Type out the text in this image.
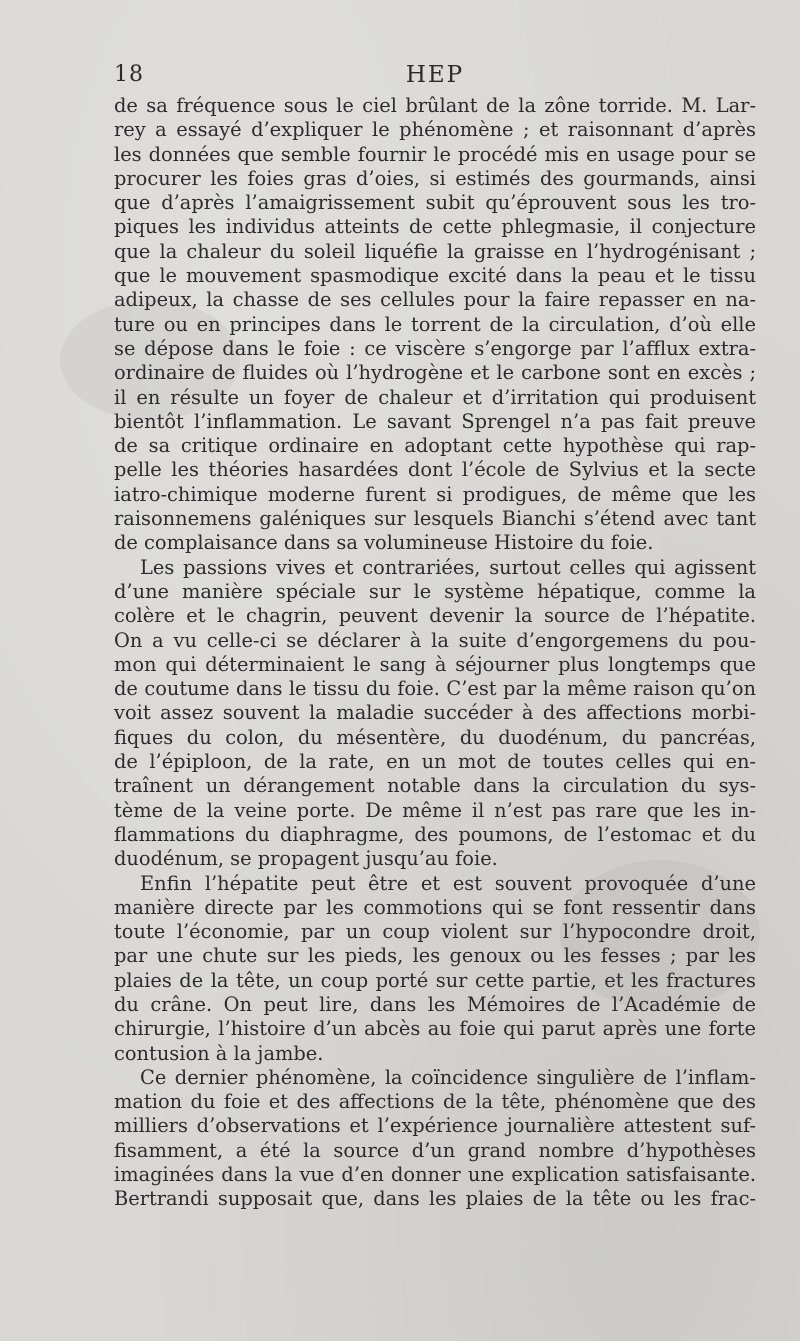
18	HEP
de sa fréquence sous le ciel brûlant de la zône torride. M. Lar-
rey a essayé d’expliquer le phénomène ; et raisonnant d’après
les données que semble fournir le procédé mis en usage pour se
procurer les foies gras d’oies, si estimés des gourmands, ainsi
que d’après l’amaigrissement subit qu’éprouvent sous les tro-
piques les individus atteints de cette phlegmasie, il conjecture
que la chaleur du soleil liquéfie la graisse en l’hydrogénisant ;
que le mouvement spasmodique excité dans la peau et le tissu
adipeux, la chasse de ses cellules pour la faire repasser en na-
ture ou en principes dans le torrent de la circulation, d’où elle
se dépose dans le foie : ce viscère s’engorge par l’afflux extra-
ordinaire de fluides où l’hydrogène et le carbone sont en excès ;
il en résulte un foyer de chaleur et d’irritation qui produisent
bientôt l’inflammation. Le savant Sprengel n’a pas fait preuve
de sa critique ordinaire en adoptant cette hypothèse qui rap-
pelle les théories hasardées dont l’école de Sylvius et la secte
iatro-chimique moderne furent si prodigues, de même que les
raisonnemens galéniques sur lesquels Bianchi s’étend avec tant
de complaisance dans sa volumineuse Histoire du foie.
Les passions vives et contrariées, surtout celles qui agissent
d’une manière spéciale sur le système hépatique, comme la
colère et le chagrin, peuvent devenir la source de l’hépatite.
On a vu celle-ci se déclarer à la suite d’engorgemens du pou-
mon qui déterminaient le sang à séjourner plus longtemps que
de coutume dans le tissu du foie. C’est par la même raison qu’on
voit assez souvent la maladie succéder à des affections morbi-
fiques du colon, du mésentère, du duodénum, du pancréas,
de l’épiploon, de la rate, en un mot de toutes celles qui en-
traînent un dérangement notable dans la circulation du sys-
tème de la veine porte. De même il n’est pas rare que les in-
flammations du diaphragme, des poumons, de l’estomac et du
duodénum, se propagent jusqu’au foie.
Enfin l’hépatite peut être et est souvent provoquée d’une
manière directe par les commotions qui se font ressentir dans
toute l’économie, par un coup violent sur l’hypocondre droit,
par une chute sur les pieds, les genoux ou les fesses ; par les
plaies de la tête, un coup porté sur cette partie, et les fractures
du crâne. On peut lire, dans les Mémoires de l’Académie de
chirurgie, l’histoire d’un abcès au foie qui parut après une forte
contusion à la jambe.
Ce dernier phénomène, la coïncidence singulière de l’inflam-
mation du foie et des affections de la tête, phénomène que des
milliers d’observations et l’expérience journalière attestent suf-
fisamment, a été la source d’un grand nombre d’hypothèses
imaginées dans la vue d’en donner une explication satisfaisante.
Bertrandi supposait que, dans les plaies de la tête ou les frac-
